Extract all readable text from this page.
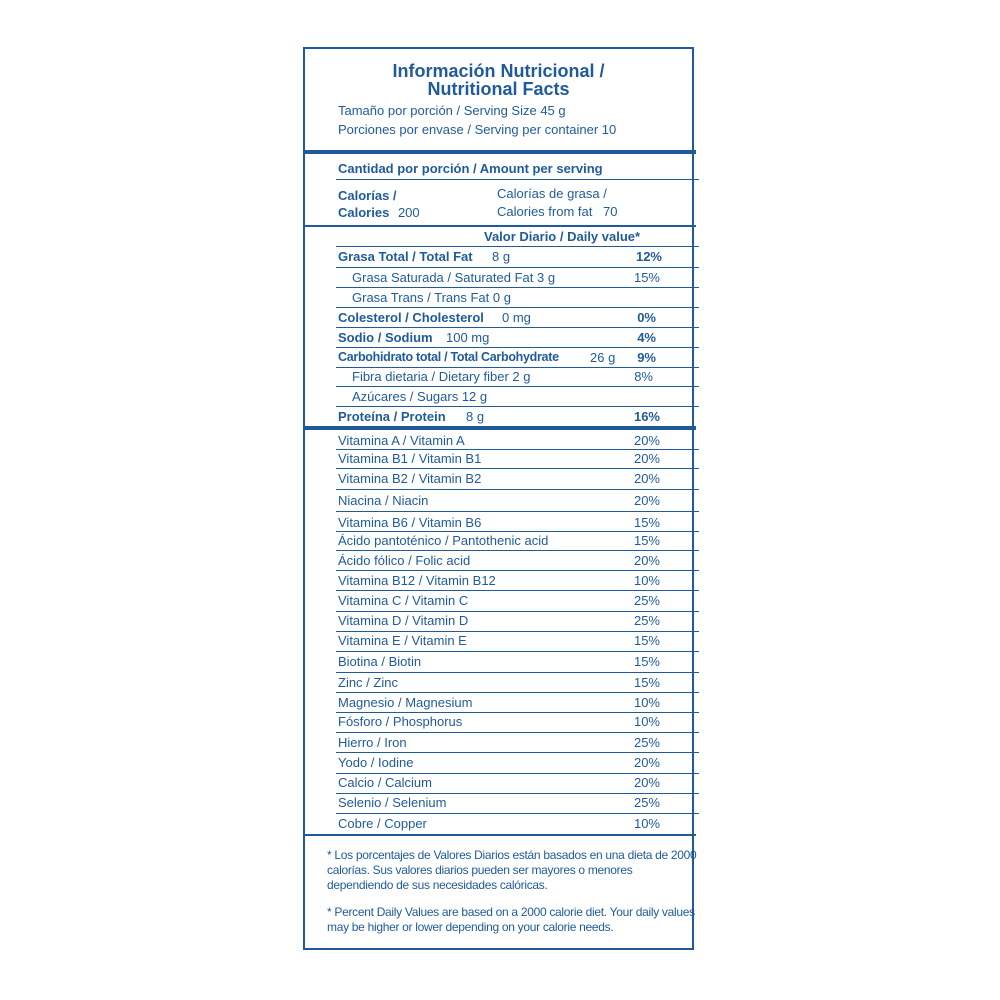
Información Nutricional /
Nutritional Facts
Tamaño por porción / Serving Size 45 g
Porciones por envase / Serving per container 10
Cantidad por porción / Amount per serving
Calorías /
Calories 200
Calorías de grasa /
Calories from fat 70
Valor Diario / Daily value*
Grasa Total / Total Fat 8 g	12%
Grasa Saturada / Saturated Fat 3 g	15%
Grasa Trans / Trans Fat 0 g
Colesterol / Cholesterol 0 mg	0%
Sodio / Sodium 100 mg	4%
Carbohidrato total / Total Carbohydrate 26 g	9%
Fibra dietaria / Dietary fiber 2 g	8%
Azúcares / Sugars 12 g
Proteína / Protein 8 g	16%
Vitamina A / Vitamin A	20%
Vitamina B1 / Vitamin B1	20%
Vitamina B2 / Vitamin B2	20%
Niacina / Niacin	20%
Vitamina B6 / Vitamin B6	15%
Ácido pantoténico / Pantothenic acid	15%
Ácido fólico / Folic acid	20%
Vitamina B12 / Vitamin B12	10%
Vitamina C / Vitamin C	25%
Vitamina D / Vitamin D	25%
Vitamina E / Vitamin E	15%
Biotina / Biotin	15%
Zinc / Zinc	15%
Magnesio / Magnesium	10%
Fósforo / Phosphorus	10%
Hierro / Iron	25%
Yodo / Iodine	20%
Calcio / Calcium	20%
Selenio / Selenium	25%
Cobre / Copper	10%
* Los porcentajes de Valores Diarios están basados en una dieta de 2000 calorías. Sus valores diarios pueden ser mayores o menores dependiendo de sus necesidades calóricas.
* Percent Daily Values are based on a 2000 calorie diet. Your daily values may be higher or lower depending on your calorie needs.
